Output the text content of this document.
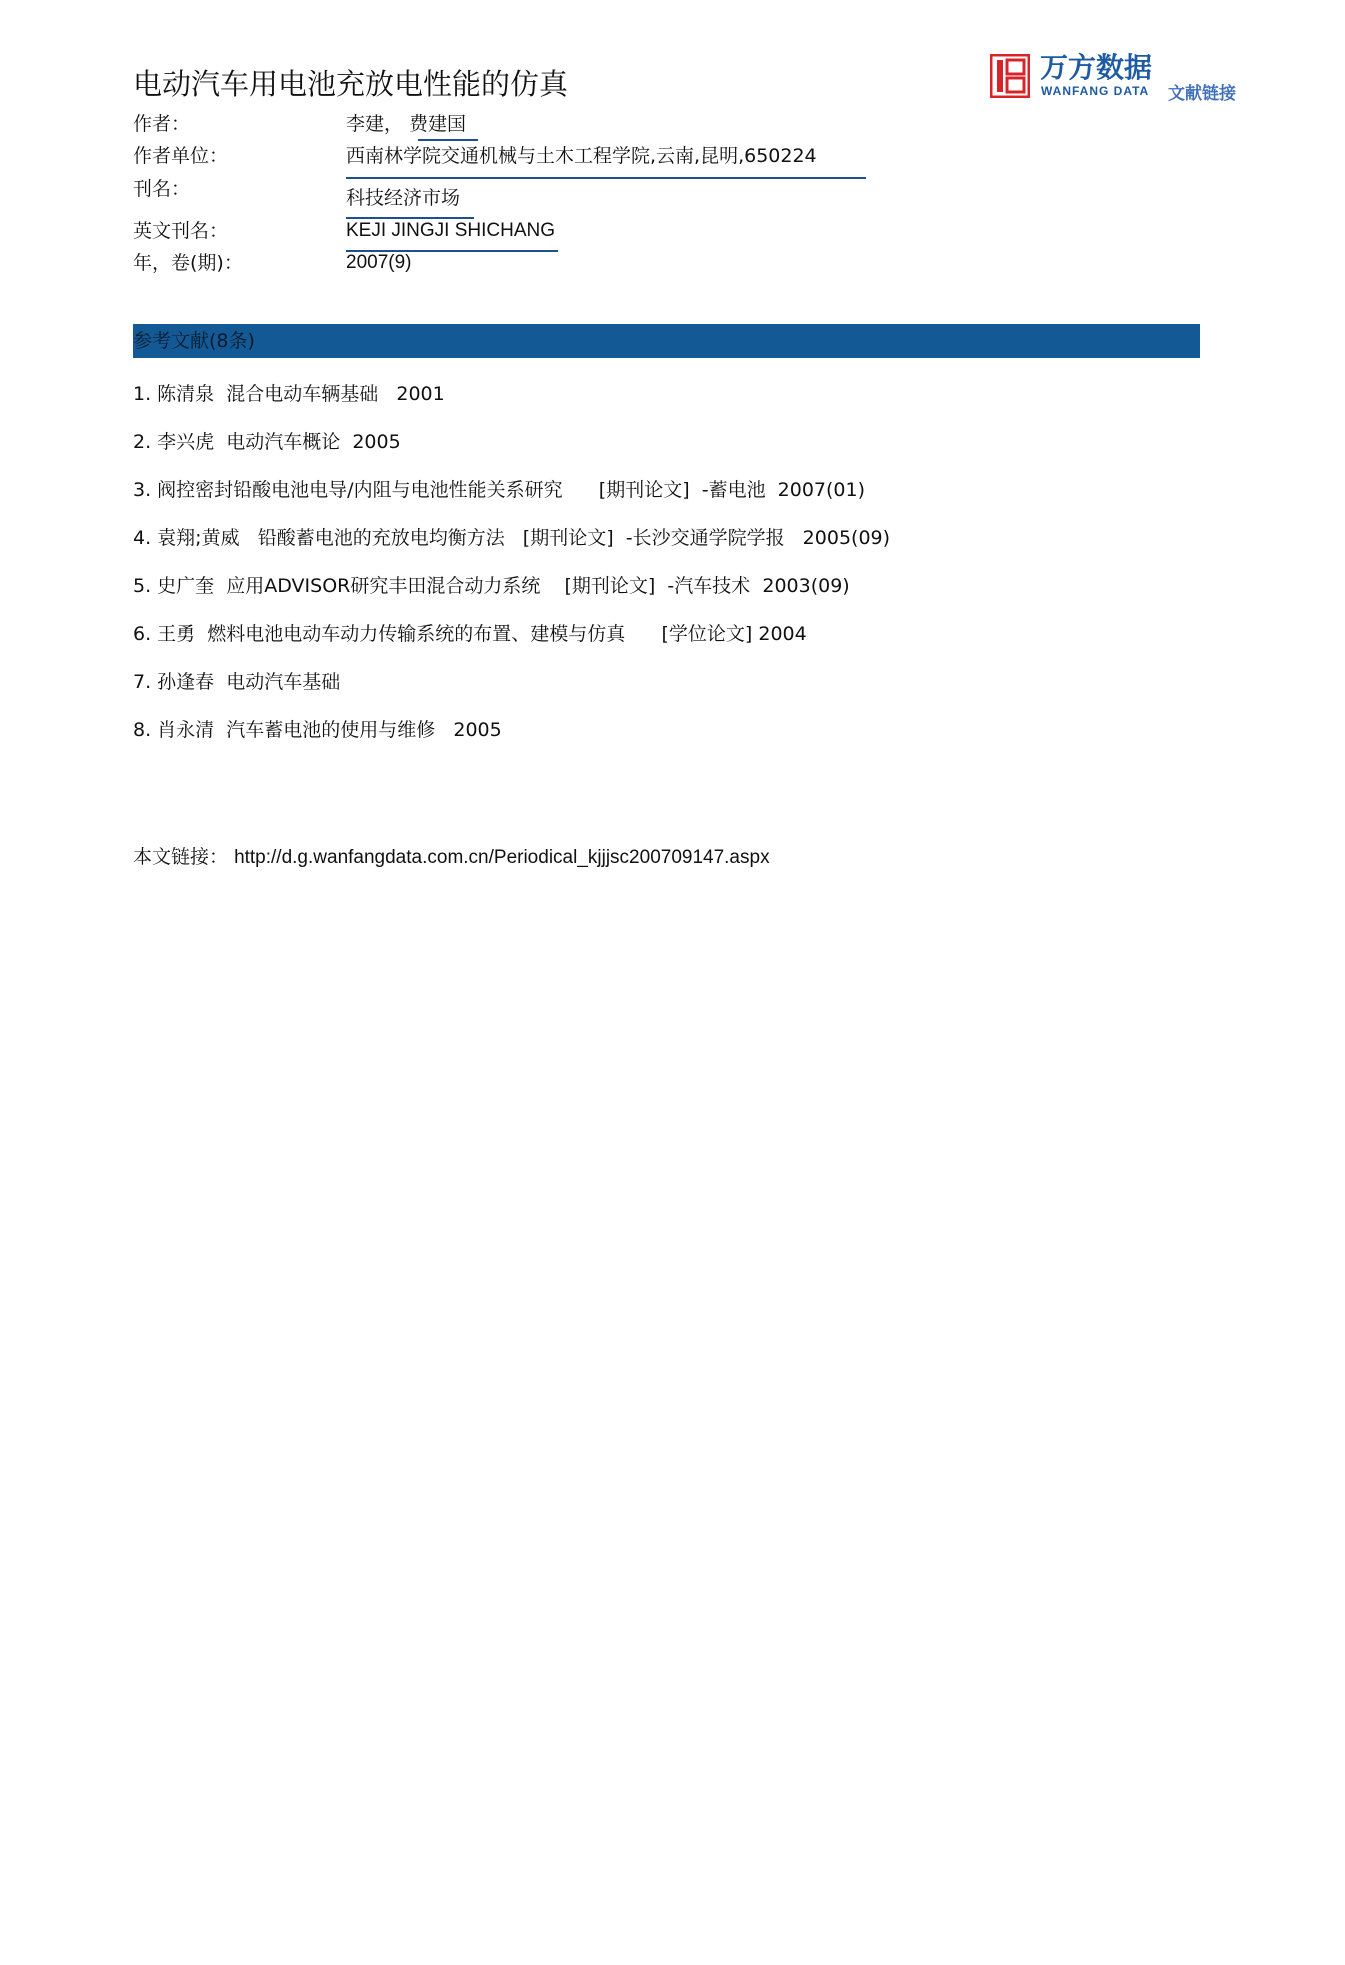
电动汽车用电池充放电性能的仿真	万方数据
WANFANG DATA 文献链接
作者：	李建， 费建国
作者单位：	西南林学院交通机械与土木工程学院,云南,昆明,650224
刊名：	科技经济市场
英文刊名：	KEJI JINGJI SHICHANG
年，卷(期)：	2007(9)
参考文献(8条)
1. 陈清泉  混合电动车辆基础   2001
2. 李兴虎  电动汽车概论  2005
3. 阀控密封铅酸电池电导/内阻与电池性能关系研究      [期刊论文]  -蓄电池  2007(01)
4. 袁翔;黄威   铅酸蓄电池的充放电均衡方法   [期刊论文]  -长沙交通学院学报   2005(09)
5. 史广奎  应用ADVISOR研究丰田混合动力系统    [期刊论文]  -汽车技术  2003(09)
6. 王勇  燃料电池电动车动力传输系统的布置、建模与仿真      [学位论文] 2004
7. 孙逢春  电动汽车基础
8. 肖永清  汽车蓄电池的使用与维修   2005
本文链接： http://d.g.wanfangdata.com.cn/Periodical_kjjjsc200709147.aspx
